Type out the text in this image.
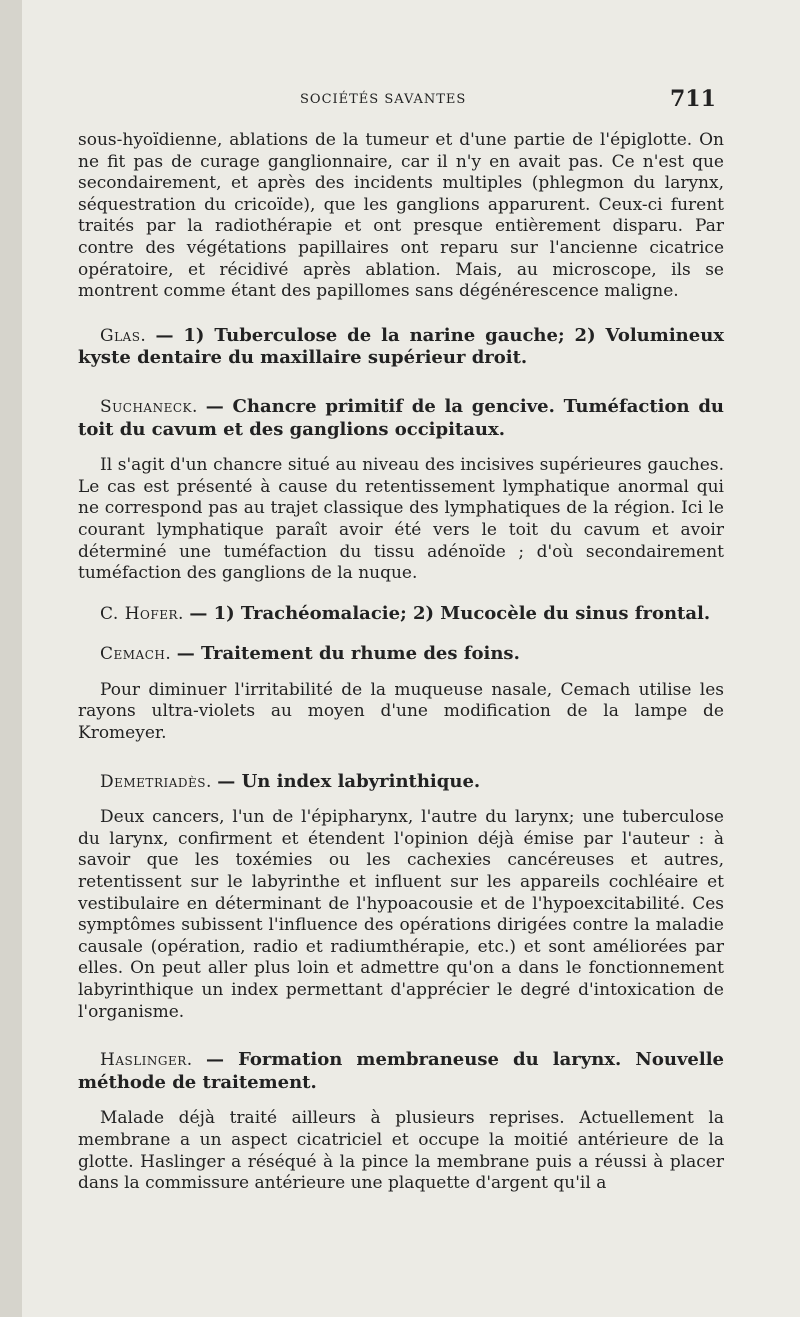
SOCIÉTÉS SAVANTES	711

sous-hyoïdienne, ablations de la tumeur et d'une partie de l'épiglotte. On ne fit pas de curage ganglionnaire, car il n'y en avait pas. Ce n'est que secondairement, et après des incidents multiples (phlegmon du larynx, séquestration du cricoïde), que les ganglions apparurent. Ceux-ci furent traités par la radiothérapie et ont presque entièrement disparu. Par contre des végétations papillaires ont reparu sur l'ancienne cicatrice opératoire, et récidivé après ablation. Mais, au microscope, ils se montrent comme étant des papillomes sans dégénérescence maligne.

Glas. — 1) Tuberculose de la narine gauche; 2) Volumineux kyste dentaire du maxillaire supérieur droit.

Suchaneck. — Chancre primitif de la gencive. Tuméfaction du toit du cavum et des ganglions occipitaux.

Il s'agit d'un chancre situé au niveau des incisives supérieures gauches. Le cas est présenté à cause du retentissement lymphatique anormal qui ne correspond pas au trajet classique des lymphatiques de la région. Ici le courant lymphatique paraît avoir été vers le toit du cavum et avoir déterminé une tuméfaction du tissu adénoïde ; d'où secondairement tuméfaction des ganglions de la nuque.

C. Hofer. — 1) Trachéomalacie; 2) Mucocèle du sinus frontal.

Cemach. — Traitement du rhume des foins.

Pour diminuer l'irritabilité de la muqueuse nasale, Cemach utilise les rayons ultra-violets au moyen d'une modification de la lampe de Kromeyer.

Demetriadès. — Un index labyrinthique.

Deux cancers, l'un de l'épipharynx, l'autre du larynx; une tuberculose du larynx, confirment et étendent l'opinion déjà émise par l'auteur : à savoir que les toxémies ou les cachexies cancéreuses et autres, retentissent sur le labyrinthe et influent sur les appareils cochléaire et vestibulaire en déterminant de l'hypoacousie et de l'hypoexcitabilité. Ces symptômes subissent l'influence des opérations dirigées contre la maladie causale (opération, radio et radiumthérapie, etc.) et sont améliorées par elles. On peut aller plus loin et admettre qu'on a dans le fonctionnement labyrinthique un index permettant d'apprécier le degré d'intoxication de l'organisme.

Haslinger. — Formation membraneuse du larynx. Nouvelle méthode de traitement.

Malade déjà traité ailleurs à plusieurs reprises. Actuellement la membrane a un aspect cicatriciel et occupe la moitié antérieure de la glotte. Haslinger a réséqué à la pince la membrane puis a réussi à placer dans la commissure antérieure une plaquette d'argent qu'il a
